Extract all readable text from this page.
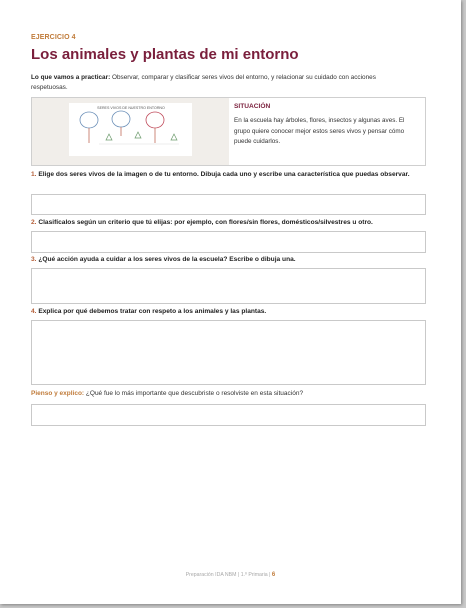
EJERCICIO 4
Los animales y plantas de mi entorno
Lo que vamos a practicar: Observar, comparar y clasificar seres vivos del entorno, y relacionar su cuidado con acciones respetuosas.
SERES VIVOS DE NUESTRO ENTORNO	SITUACIÓN
En la escuela hay árboles, flores, insectos y algunas aves. El grupo quiere conocer mejor estos seres vivos y pensar cómo puede cuidarlos.
1. Elige dos seres vivos de la imagen o de tu entorno. Dibuja cada uno y escribe una característica que puedas observar.
2. Clasifícalos según un criterio que tú elijas: por ejemplo, con flores/sin flores, domésticos/silvestres u otro.
3. ¿Qué acción ayuda a cuidar a los seres vivos de la escuela? Escribe o dibuja una.
4. Explica por qué debemos tratar con respeto a los animales y las plantas.
Pienso y explico: ¿Qué fue lo más importante que descubriste o resolviste en esta situación?
Preparación IDA NBM | 1.º Primaria | 6
